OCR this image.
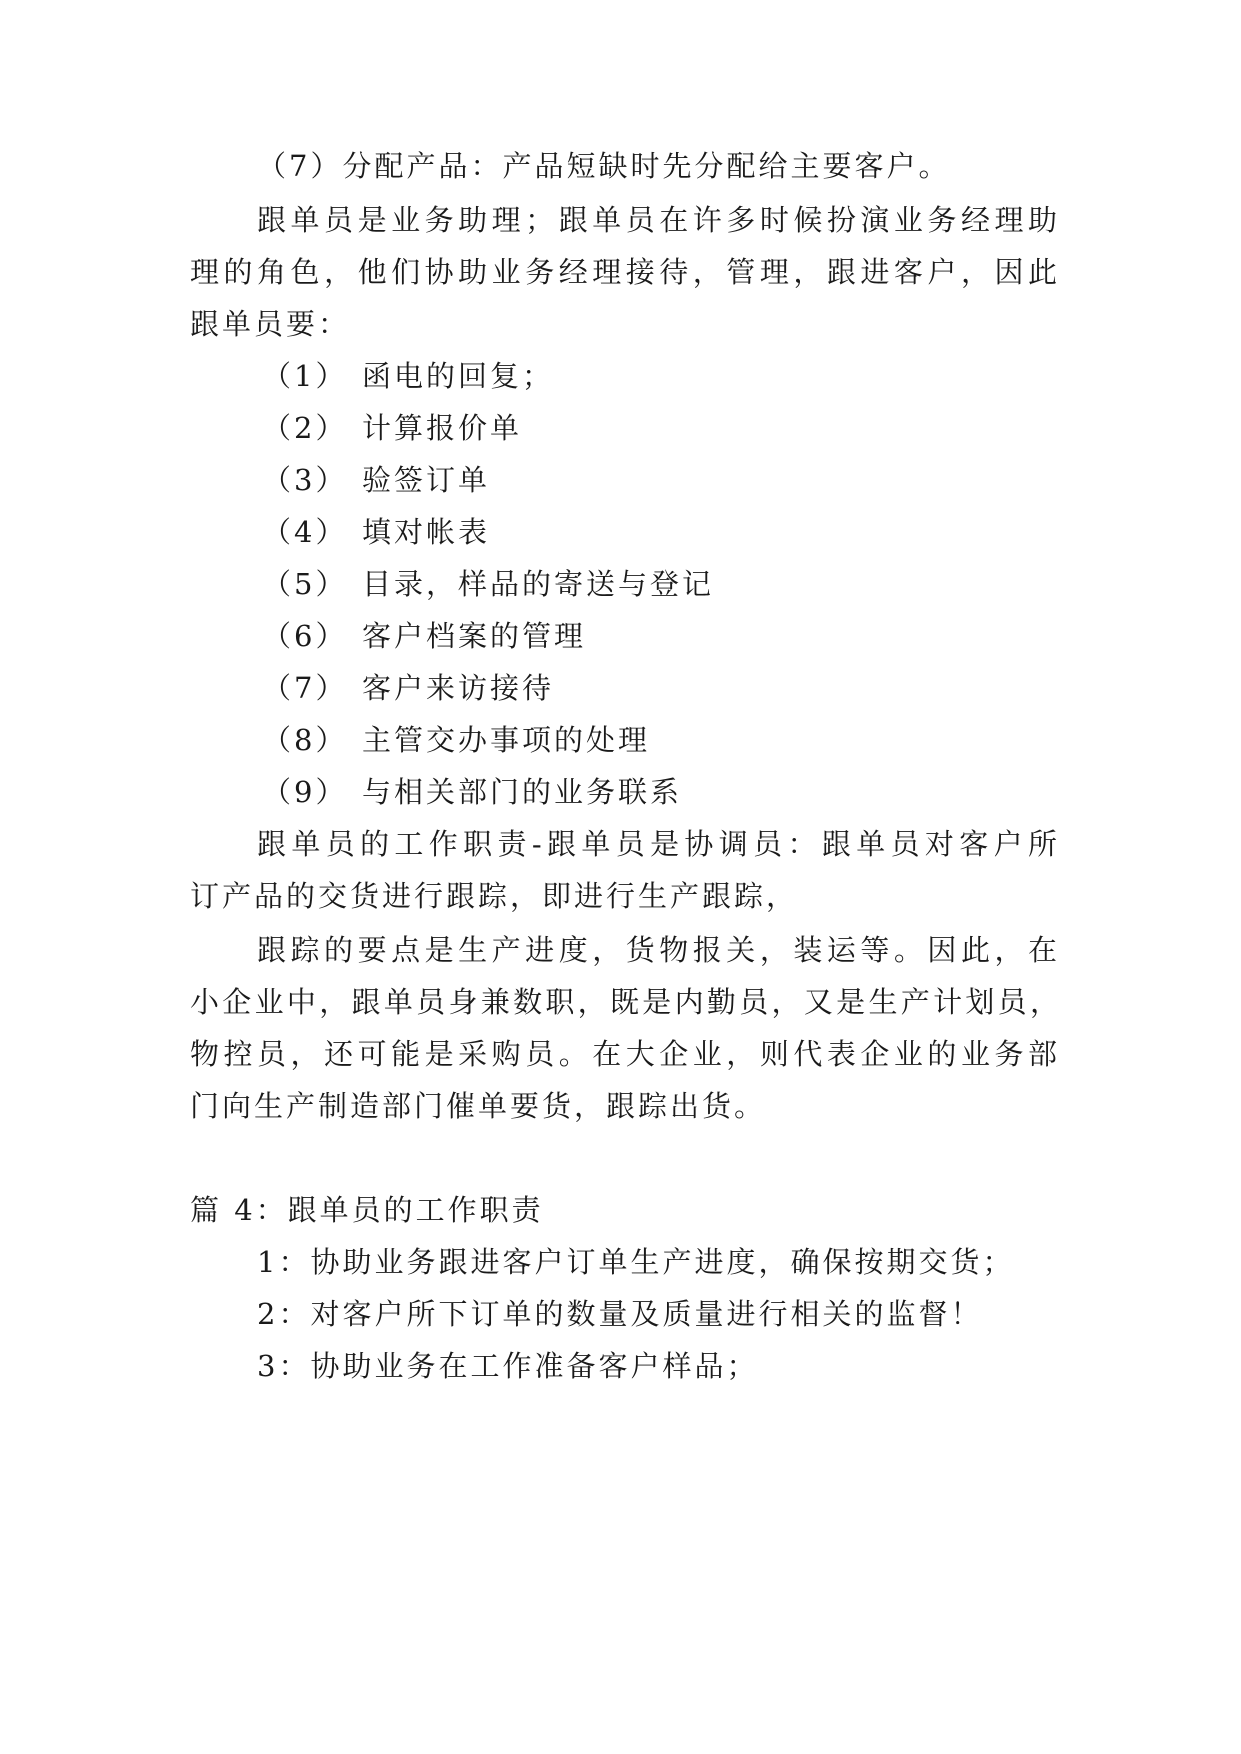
（7）分配产品：产品短缺时先分配给主要客户。
跟单员是业务助理；跟单员在许多时候扮演业务经理助
理的角色，他们协助业务经理接待，管理，跟进客户，因此
跟单员要：
（1） 函电的回复；
（2） 计算报价单
（3） 验签订单
（4） 填对帐表
（5） 目录，样品的寄送与登记
（6） 客户档案的管理
（7） 客户来访接待
（8） 主管交办事项的处理
（9） 与相关部门的业务联系
跟单员的工作职责-跟单员是协调员：跟单员对客户所
订产品的交货进行跟踪，即进行生产跟踪，
跟踪的要点是生产进度，货物报关，装运等。因此，在
小企业中，跟单员身兼数职，既是内勤员，又是生产计划员，
物控员，还可能是采购员。在大企业，则代表企业的业务部
门向生产制造部门催单要货，跟踪出货。
篇 4：跟单员的工作职责
1：协助业务跟进客户订单生产进度，确保按期交货；
2：对客户所下订单的数量及质量进行相关的监督！
3：协助业务在工作准备客户样品；
